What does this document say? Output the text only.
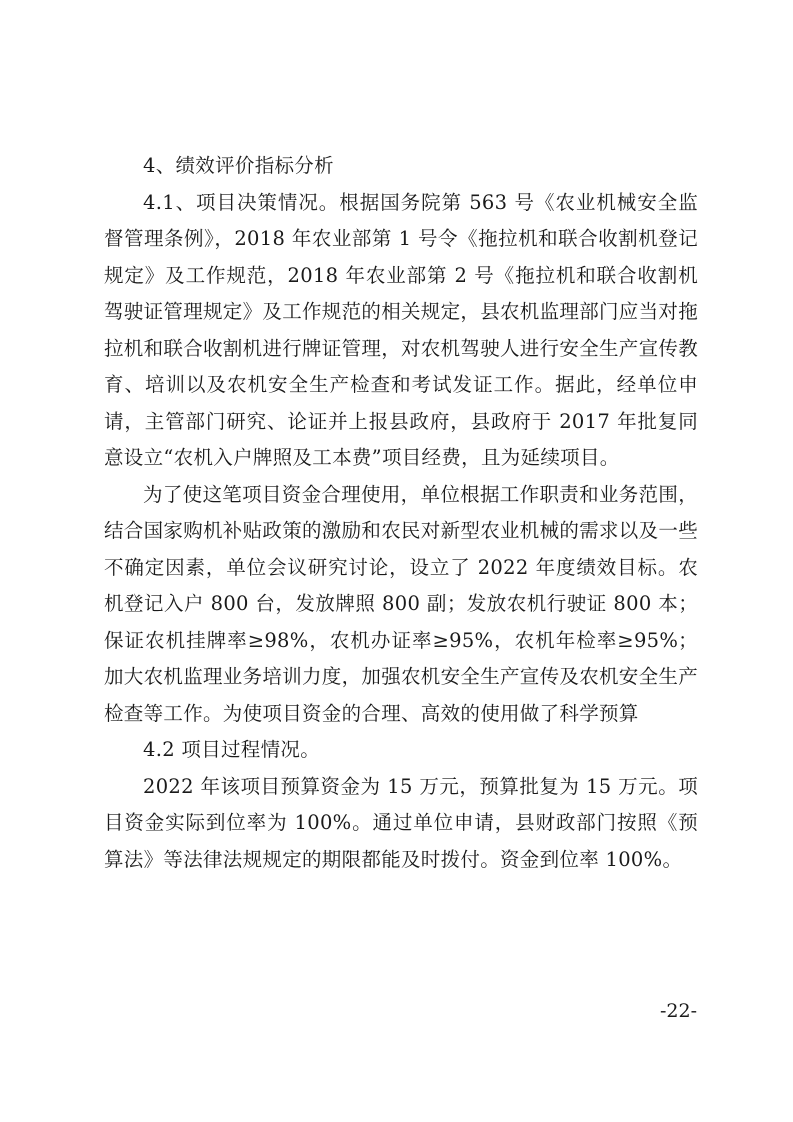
4、绩效评价指标分析

4.1、项目决策情况。根据国务院第 563 号《农业机械安全监督管理条例》，2018 年农业部第 1 号令《拖拉机和联合收割机登记规定》及工作规范，2018 年农业部第 2 号《拖拉机和联合收割机驾驶证管理规定》及工作规范的相关规定，县农机监理部门应当对拖拉机和联合收割机进行牌证管理，对农机驾驶人进行安全生产宣传教育、培训以及农机安全生产检查和考试发证工作。据此，经单位申请，主管部门研究、论证并上报县政府，县政府于 2017 年批复同意设立“农机入户牌照及工本费”项目经费，且为延续项目。

为了使这笔项目资金合理使用，单位根据工作职责和业务范围，结合国家购机补贴政策的激励和农民对新型农业机械的需求以及一些不确定因素，单位会议研究讨论，设立了 2022 年度绩效目标。农机登记入户 800 台，发放牌照 800 副；发放农机行驶证 800 本；保证农机挂牌率≥98%，农机办证率≥95%，农机年检率≥95%；加大农机监理业务培训力度，加强农机安全生产宣传及农机安全生产检查等工作。为使项目资金的合理、高效的使用做了科学预算

4.2 项目过程情况。

2022 年该项目预算资金为 15 万元，预算批复为 15 万元。项目资金实际到位率为 100%。通过单位申请，县财政部门按照《预算法》等法律法规规定的期限都能及时拨付。资金到位率 100%。

-22-
